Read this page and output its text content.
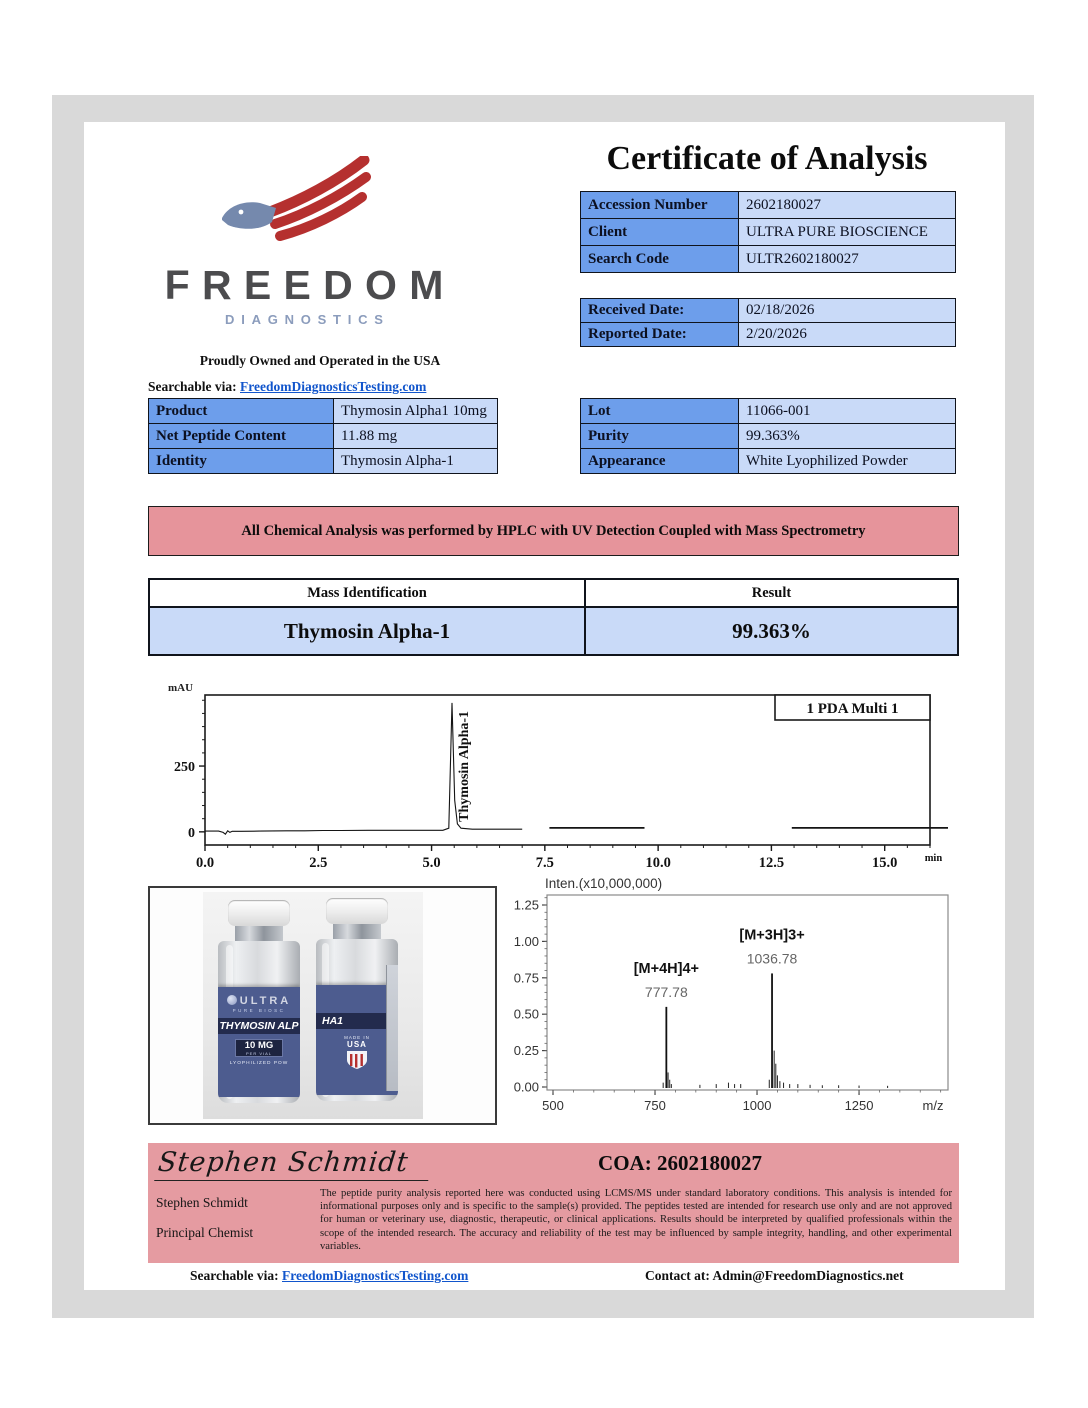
FREEDOM
DIAGNOSTICS
Proudly Owned and Operated in the USA
Searchable via: FreedomDiagnosticsTesting.com
Certificate of Analysis
Accession Number	2602180027
Client	ULTRA PURE BIOSCIENCE
Search Code	ULTR2602180027
Received Date:	02/18/2026
Reported Date:	2/20/2026
Product	Thymosin Alpha1 10mg
Net Peptide Content	11.88 mg
Identity	Thymosin Alpha-1
Lot	11066-001
Purity	99.363%
Appearance	White Lyophilized Powder
All Chemical Analysis was performed by HPLC with UV Detection Coupled with Mass Spectrometry
Mass Identification	Result
Thymosin Alpha-1	99.363%
mAU
0
250
0.0	2.5	5.0	7.5	10.0	12.5	15.0	min
1 PDA Multi 1
Thymosin Alpha-1
ULTRA
PURE BIOSC
THYMOSIN ALP
10 MG
PER VIAL
LYOPHILIZED POW
HA1
MADE IN
USA
Inten.(x10,000,000)
0.00
0.25
0.50
0.75
1.00
1.25
500	750	1000	1250	m/z
777.78
[M+4H]4+
1036.78
[M+3H]3+
Stephen Schmidt	COA: 2602180027
Stephen Schmidt
Principal Chemist
The peptide purity analysis reported here was conducted using LCMS/MS under standard laboratory conditions. This analysis is intended for informational purposes only and is specific to the sample(s) provided. The peptides tested are intended for research use only and are not approved for human or veterinary use, diagnostic, therapeutic, or clinical applications. Results should be interpreted by qualified professionals within the scope of the intended research. The accuracy and reliability of the test may be influenced by sample integrity, handling, and other experimental variables.
Searchable via: FreedomDiagnosticsTesting.com	Contact at: Admin@FreedomDiagnostics.net
